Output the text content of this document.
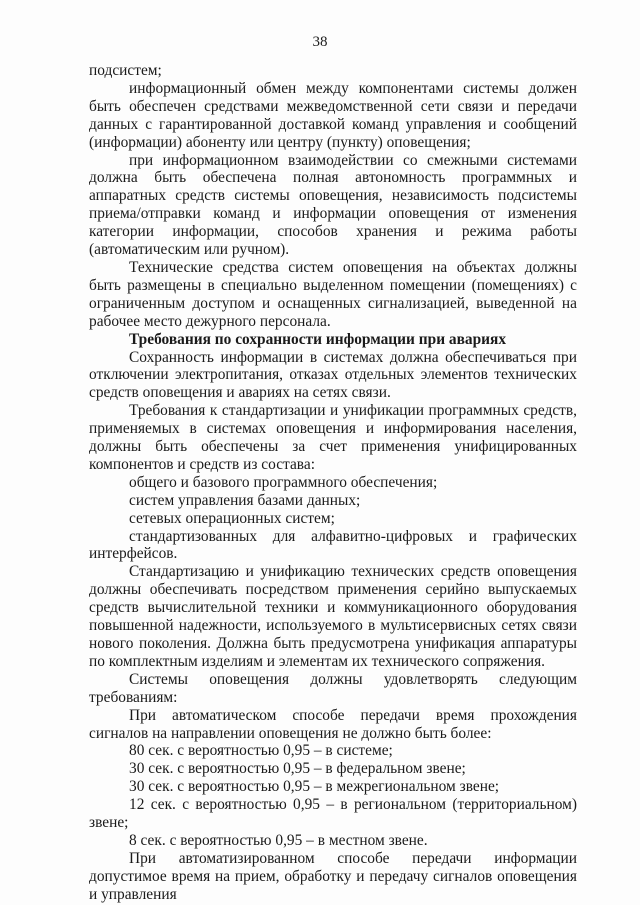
38

подсистем;

информационный обмен между компонентами системы должен быть обеспечен средствами межведомственной сети связи и передачи данных с гарантированной доставкой команд управления и сообщений (информации) абоненту или центру (пункту) оповещения;

при информационном взаимодействии со смежными системами должна быть обеспечена полная автономность программных и аппаратных средств системы оповещения, независимость подсистемы приема/отправки команд и информации оповещения от изменения категории информации, способов хранения и режима работы (автоматическим или ручном).

Технические средства систем оповещения на объектах должны быть размещены в специально выделенном помещении (помещениях) с ограниченным доступом и оснащенных сигнализацией, выведенной на рабочее место дежурного персонала.

Требования по сохранности информации при авариях

Сохранность информации в системах должна обеспечиваться при отключении электропитания, отказах отдельных элементов технических средств оповещения и авариях на сетях связи.

Требования к стандартизации и унификации программных средств, применяемых в системах оповещения и информирования населения, должны быть обеспечены за счет применения унифицированных компонентов и средств из состава:

общего и базового программного обеспечения;

систем управления базами данных;

сетевых операционных систем;

стандартизованных для алфавитно-цифровых и графических интерфейсов.

Стандартизацию и унификацию технических средств оповещения должны обеспечивать посредством применения серийно выпускаемых средств вычислительной техники и коммуникационного оборудования повышенной надежности, используемого в мультисервисных сетях связи нового поколения. Должна быть предусмотрена унификация аппаратуры по комплектным изделиям и элементам их технического сопряжения.

Системы оповещения должны удовлетворять следующим требованиям:

При автоматическом способе передачи время прохождения сигналов на направлении оповещения не должно быть более:

80 сек. с вероятностью 0,95 – в системе;

30 сек. с вероятностью 0,95 – в федеральном звене;

30 сек. с вероятностью 0,95 – в межрегиональном звене;

12 сек. с вероятностью 0,95 – в региональном (территориальном) звене;

8 сек. с вероятностью 0,95 – в местном звене.

При автоматизированном способе передачи информации допустимое время на прием, обработку и передачу сигналов оповещения и управления
